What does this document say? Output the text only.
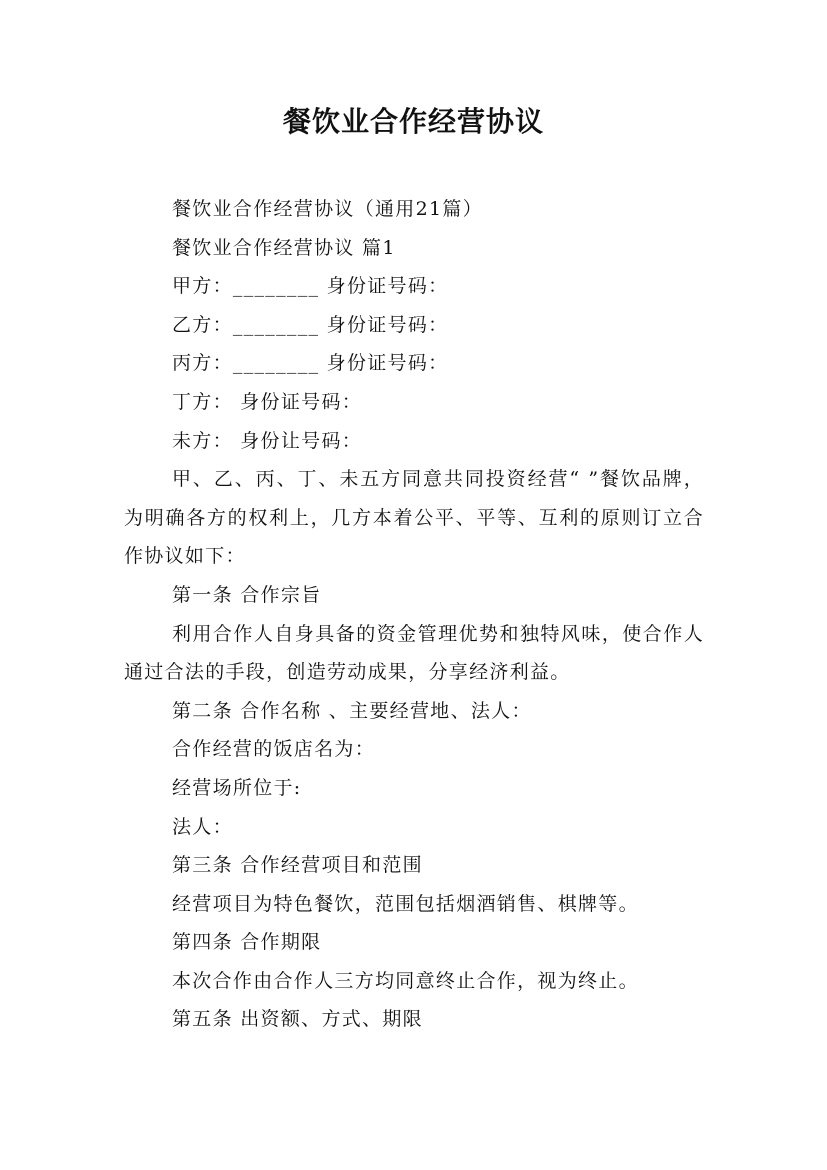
餐饮业合作经营协议

餐饮业合作经营协议（通用21篇）

餐饮业合作经营协议 篇1

甲方：________ 身份证号码：

乙方：________ 身份证号码：

丙方：________ 身份证号码：

丁方： 身份证号码：

未方： 身份让号码：

甲、乙、丙、丁、未五方同意共同投资经营“ ”餐饮品牌，为明确各方的权利上，几方本着公平、平等、互利的原则订立合作协议如下：

第一条 合作宗旨

利用合作人自身具备的资金管理优势和独特风味，使合作人通过合法的手段，创造劳动成果，分享经济利益。

第二条 合作名称 、主要经营地、法人：

合作经营的饭店名为：

经营场所位于:

法人：

第三条 合作经营项目和范围

经营项目为特色餐饮，范围包括烟酒销售、棋牌等。

第四条 合作期限

本次合作由合作人三方均同意终止合作，视为终止。

第五条 出资额、方式、期限
